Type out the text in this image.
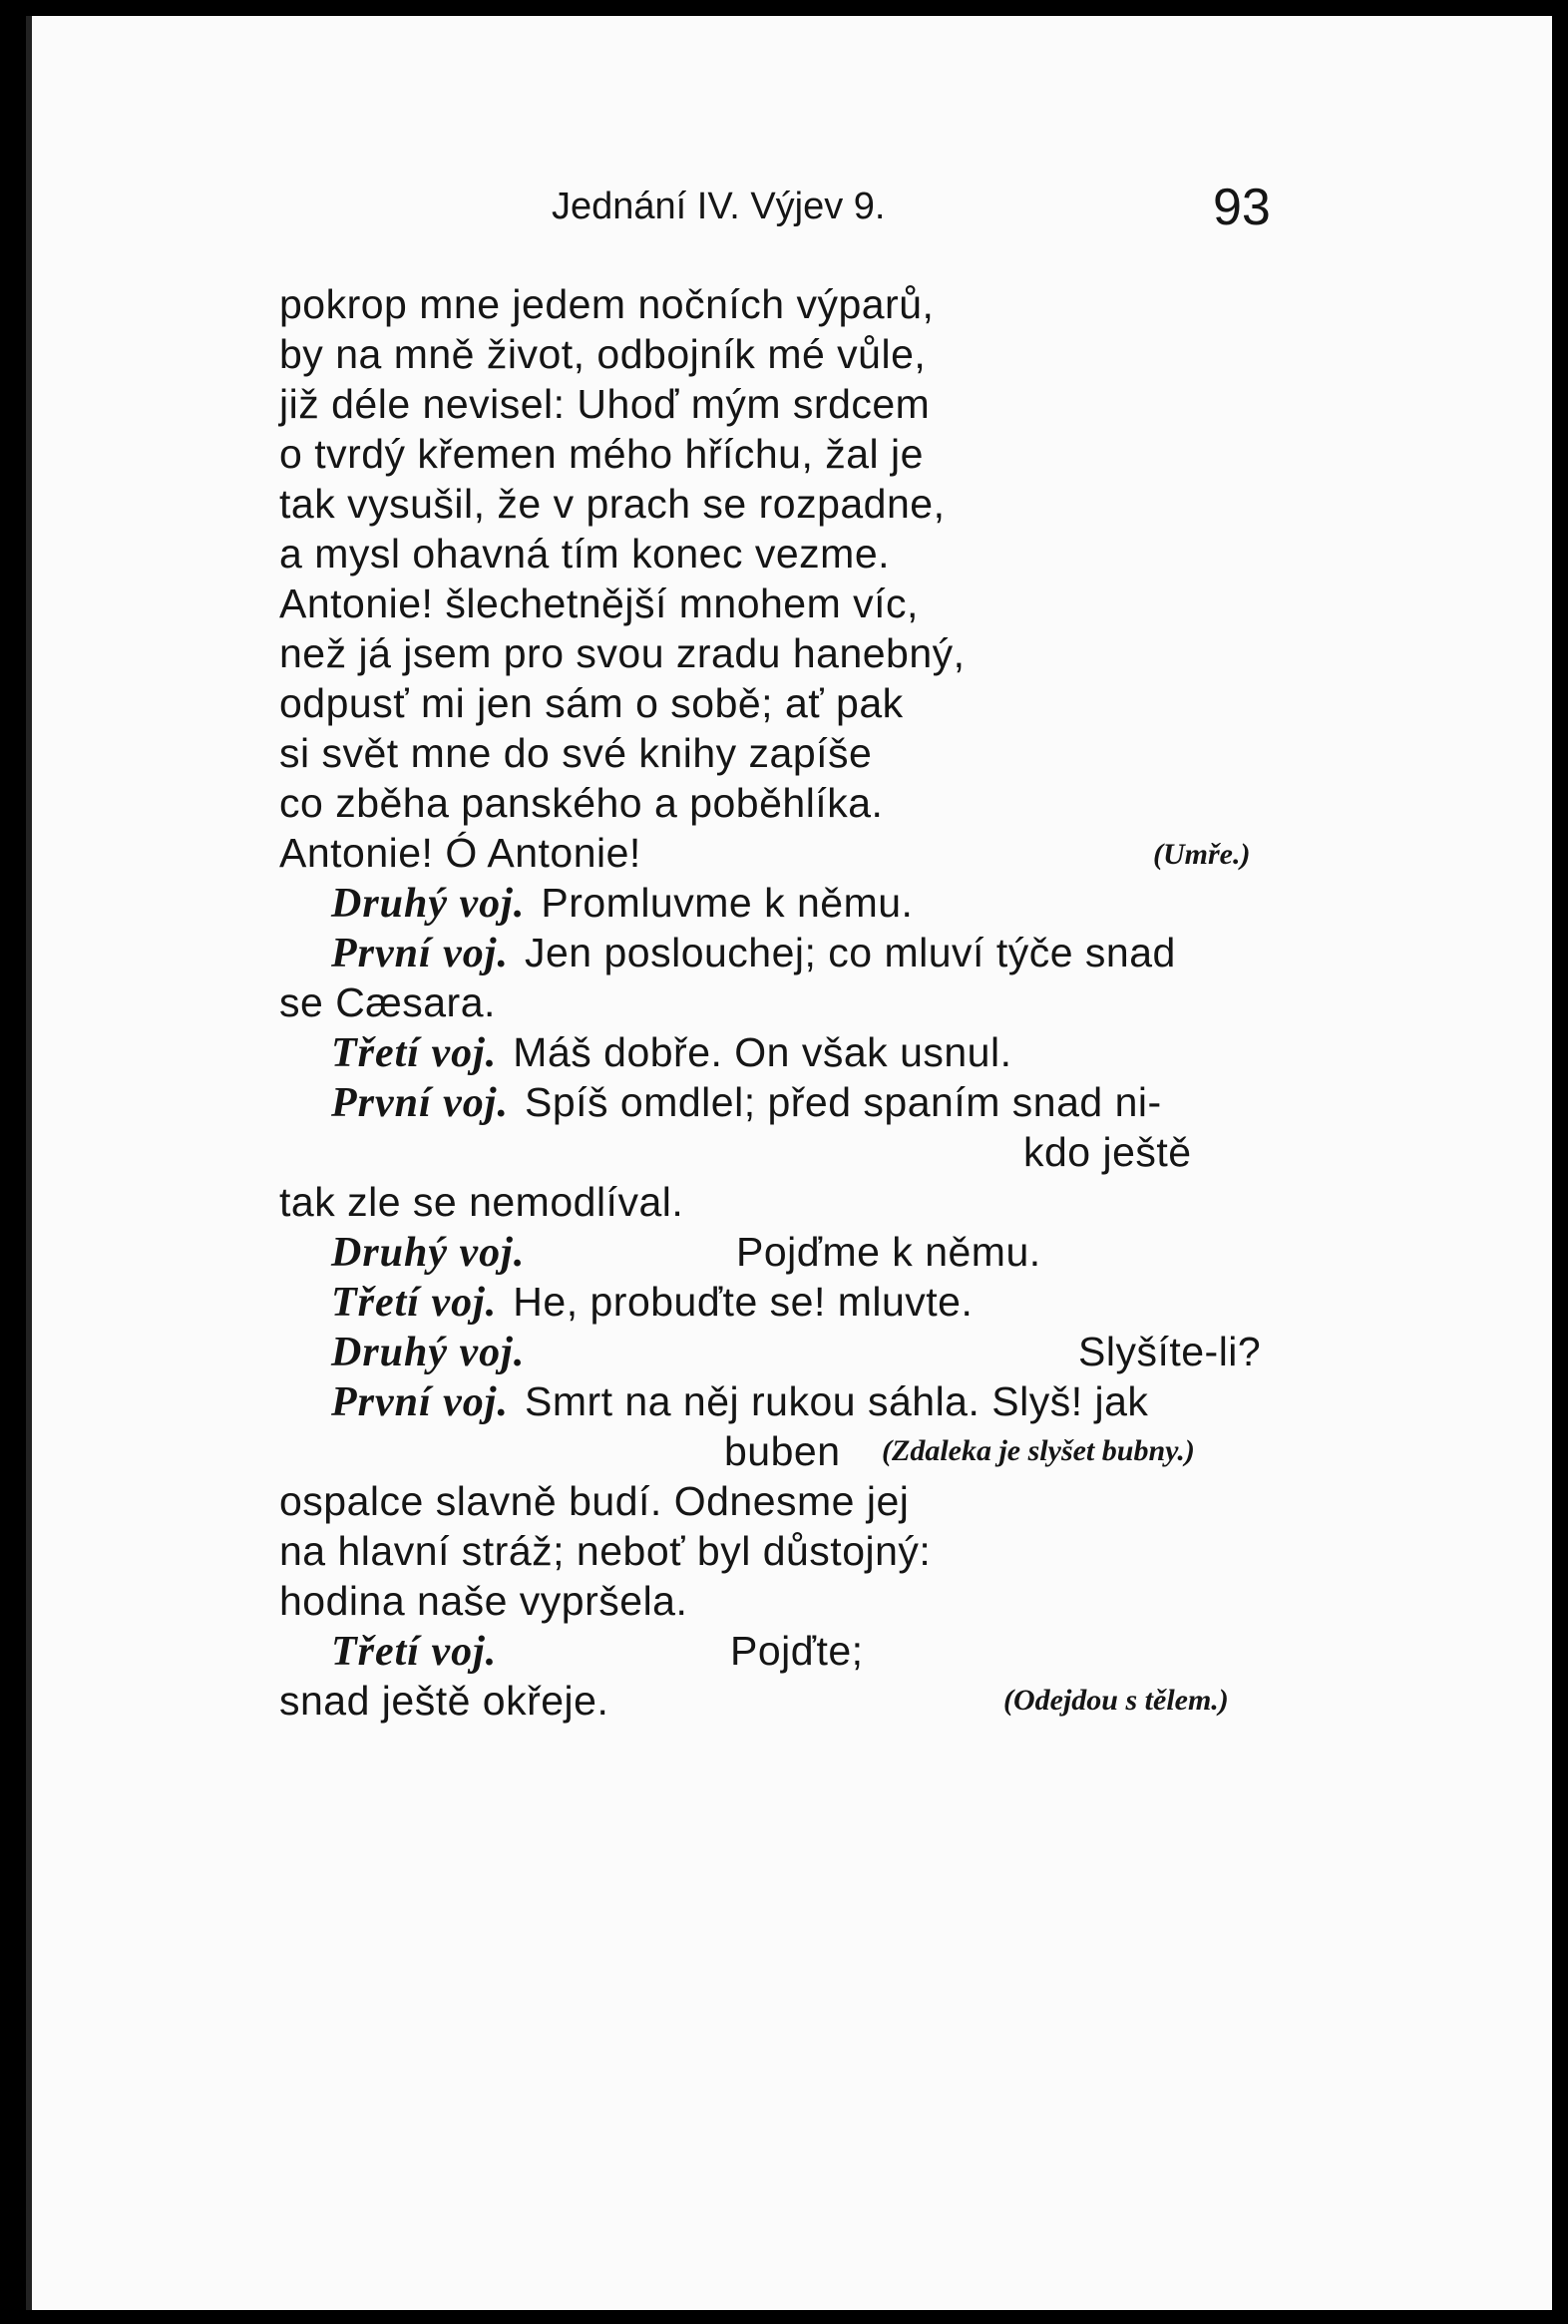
Jednání IV. Výjev 9.	93
pokrop mne jedem nočních výparů,
by na mně život, odbojník mé vůle,
již déle nevisel: Uhoď mým srdcem
o tvrdý křemen mého hříchu, žal je
tak vysušil, že v prach se rozpadne,
a mysl ohavná tím konec vezme.
Antonie! šlechetnější mnohem víc,
než já jsem pro svou zradu hanebný,
odpusť mi jen sám o sobě; ať pak
si svět mne do své knihy zapíše
co zběha panského a poběhlíka.
Antonie! Ó Antonie!	(Umře.)
Druhý voj. Promluvme k němu.
První voj. Jen poslouchej; co mluví týče snad
se Cæsara.
Třetí voj. Máš dobře. On však usnul.
První voj. Spíš omdlel; před spaním snad ni-
kdo ještě
tak zle se nemodlíval.
Druhý voj.	Pojďme k němu.
Třetí voj. He, probuďte se! mluvte.
Druhý voj.	Slyšíte-li?
První voj. Smrt na něj rukou sáhla. Slyš! jak
buben (Zdaleka je slyšet bubny.)
ospalce slavně budí. Odnesme jej
na hlavní stráž; neboť byl důstojný:
hodina naše vypršela.
Třetí voj.	Pojďte;
snad ještě okřeje.	(Odejdou s tělem.)
